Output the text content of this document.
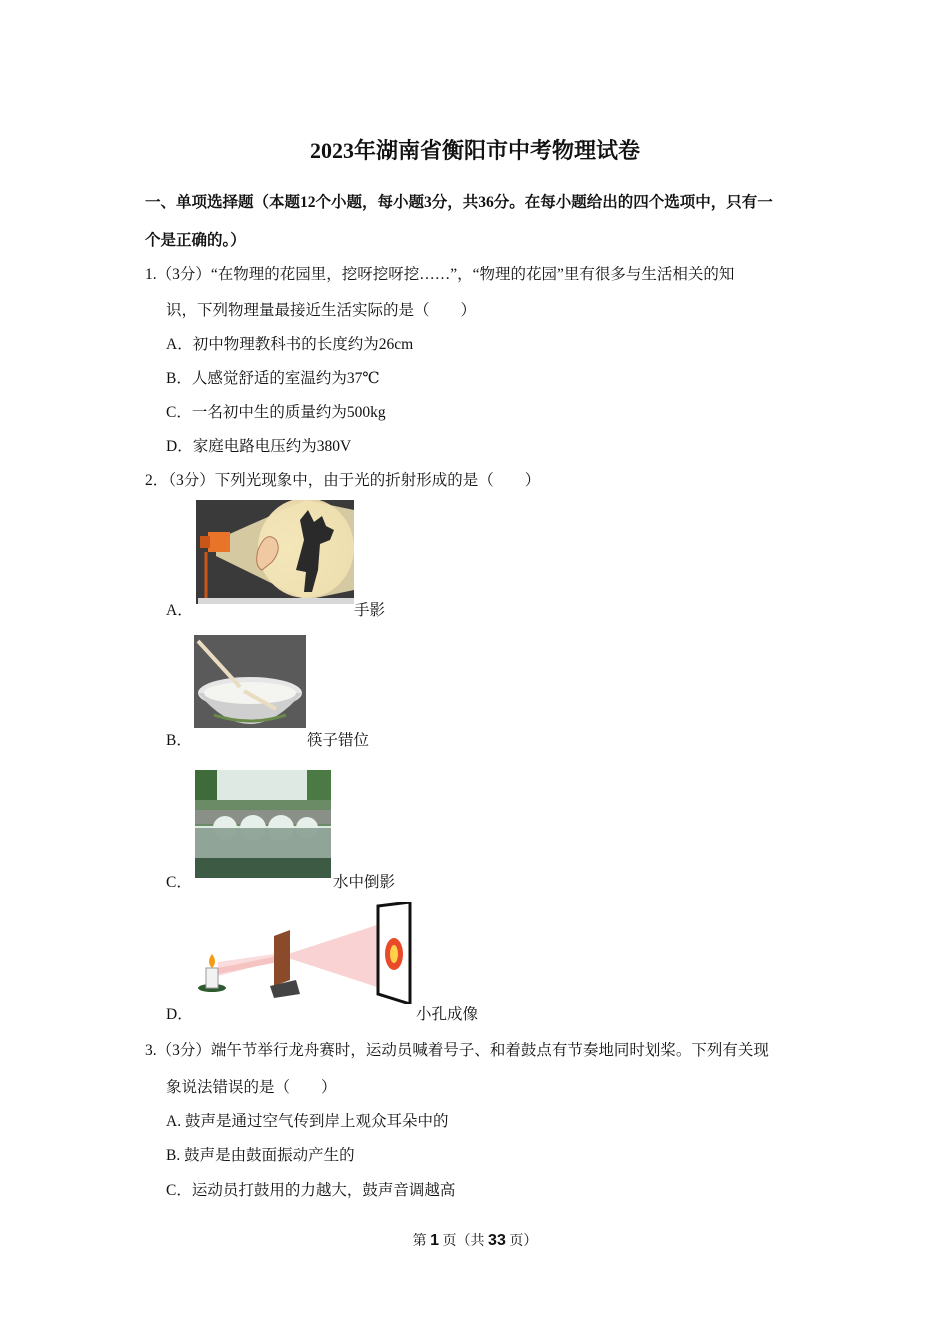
2023年湖南省衡阳市中考物理试卷
一、单项选择题（本题12个小题，每小题3分，共36分。在每小题给出的四个选项中，只有一
个是正确的。）
1.（3分）“在物理的花园里，挖呀挖呀挖……”，“物理的花园”里有很多与生活相关的知
识，下列物理量最接近生活实际的是（　　）
A．初中物理教科书的长度约为26cm
B．人感觉舒适的室温约为37℃
C．一名初中生的质量约为500kg
D．家庭电路电压约为380V
2．（3分）下列光现象中，由于光的折射形成的是（　　）
A．	手影
B．	筷子错位
C．	水中倒影
D．	小孔成像
3.（3分）端午节举行龙舟赛时，运动员喊着号子、和着鼓点有节奏地同时划桨。下列有关现
象说法错误的是（　　）
A. 鼓声是通过空气传到岸上观众耳朵中的
B. 鼓声是由鼓面振动产生的
C．运动员打鼓用的力越大，鼓声音调越高
第 1 页（共 33 页）
